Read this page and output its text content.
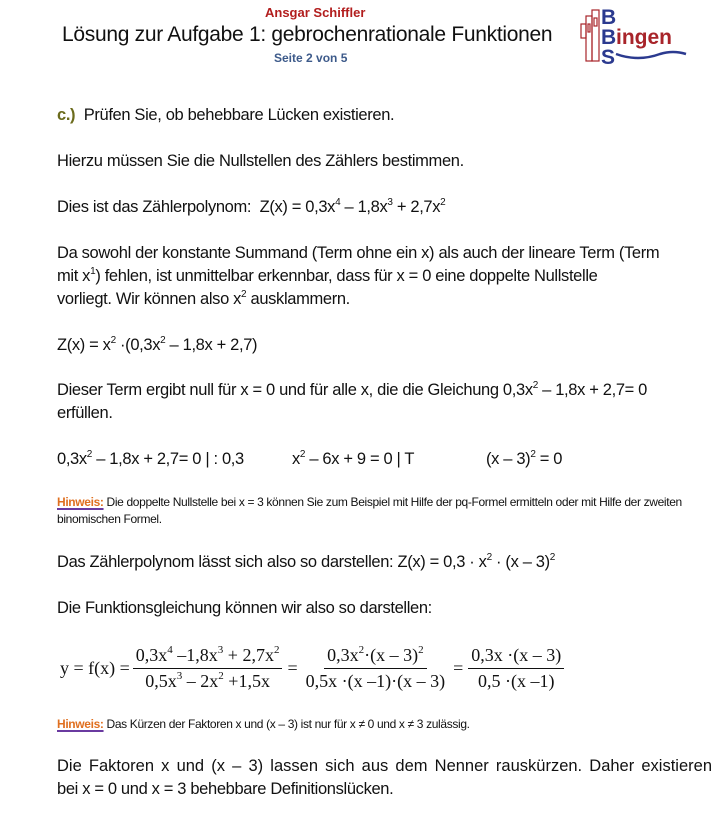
Ansgar Schiffler
Lösung zur Aufgabe 1: gebrochenrationale Funktionen
Seite 2 von 5
B
B
S
ingen
c.) Prüfen Sie, ob behebbare Lücken existieren.
Hierzu müssen Sie die Nullstellen des Zählers bestimmen.
Dies ist das Zählerpolynom: $Z(x) = 0,3x^4 - 1,8x^3 + 2,7x^2$
Da sowohl der konstante Summand (Term ohne ein x) als auch der lineare Term (Term
mit $x^1$) fehlen, ist unmittelbar erkennbar, dass für x = 0 eine doppelte Nullstelle
vorliegt. Wir können also $x^2$ ausklammern.
$Z(x) = x^2 \cdot(0,3x^2 - 1,8x + 2,7)$
Dieser Term ergibt null für x = 0 und für alle x, die die Gleichung $0,3x^2 - 1,8x + 2,7= 0$
erfüllen.
$0,3x^2 - 1,8x + 2,7= 0$ | : 0,3	$x^2 - 6x + 9 = 0$ | T	(x – 3)$^2$ = 0
Hinweis: Die doppelte Nullstelle bei x = 3 können Sie zum Beispiel mit Hilfe der pq-Formel ermitteln oder mit Hilfe der zweiten binomischen Formel.
Das Zählerpolynom lässt sich also so darstellen: $Z(x) = 0,3 \cdot x^2 \cdot (x - 3)^2$
Die Funktionsgleichung können wir also so darstellen:
$y = f(x) = \frac{0,3x^4 -1,8x^3 + 2,7x^2}{0,5x^3 - 2x^2 +1,5x} = \frac{0,3x^2\cdot(x - 3)^2}{0,5x \cdot(x -1)\cdot(x - 3)} = \frac{0,3x \cdot(x - 3)}{0,5 \cdot(x -1)}$
Hinweis: Das Kürzen der Faktoren x und (x – 3) ist nur für x ≠ 0 und x ≠ 3 zulässig.
Die Faktoren x und (x – 3) lassen sich aus dem Nenner rauskürzen. Daher existieren
bei x = 0 und x = 3 behebbare Definitionslücken.
